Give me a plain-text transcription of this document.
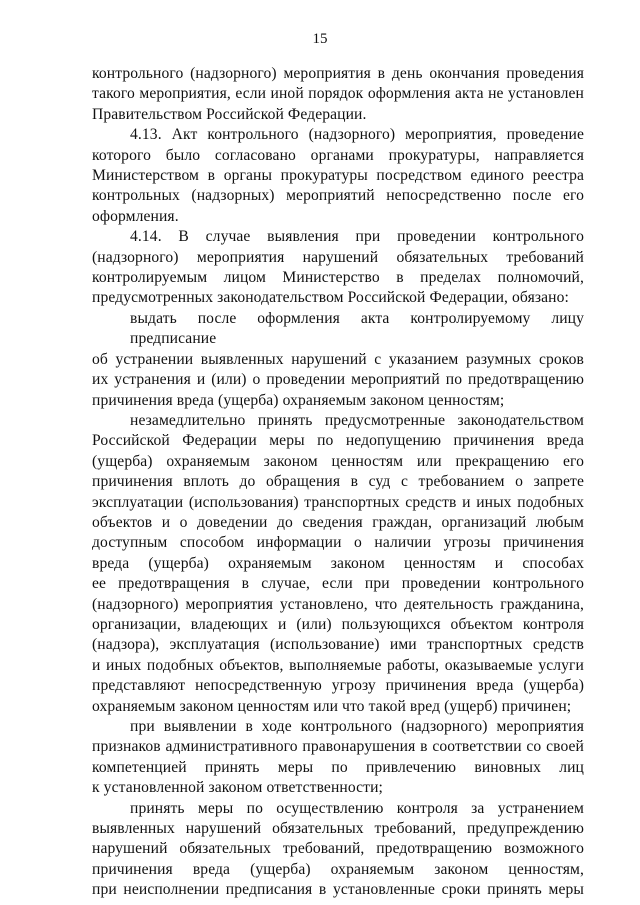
15
контрольного (надзорного) мероприятия в день окончания проведения
такого мероприятия, если иной порядок оформления акта не установлен
Правительством Российской Федерации.
4.13. Акт контрольного (надзорного) мероприятия, проведение
которого было согласовано органами прокуратуры, направляется
Министерством в органы прокуратуры посредством единого реестра
контрольных (надзорных) мероприятий непосредственно после его
оформления.
4.14. В случае выявления при проведении контрольного
(надзорного) мероприятия нарушений обязательных требований
контролируемым лицом Министерство в пределах полномочий,
предусмотренных законодательством Российской Федерации, обязано:
выдать после оформления акта контролируемому лицу предписание
об устранении выявленных нарушений с указанием разумных сроков
их устранения и (или) о проведении мероприятий по предотвращению
причинения вреда (ущерба) охраняемым законом ценностям;
незамедлительно принять предусмотренные законодательством
Российской Федерации меры по недопущению причинения вреда
(ущерба) охраняемым законом ценностям или прекращению его
причинения вплоть до обращения в суд с требованием о запрете
эксплуатации (использования) транспортных средств и иных подобных
объектов и о доведении до сведения граждан, организаций любым
доступным способом информации о наличии угрозы причинения
вреда (ущерба) охраняемым законом ценностям и способах
ее предотвращения в случае, если при проведении контрольного
(надзорного) мероприятия установлено, что деятельность гражданина,
организации, владеющих и (или) пользующихся объектом контроля
(надзора), эксплуатация (использование) ими транспортных средств
и иных подобных объектов, выполняемые работы, оказываемые услуги
представляют непосредственную угрозу причинения вреда (ущерба)
охраняемым законом ценностям или что такой вред (ущерб) причинен;
при выявлении в ходе контрольного (надзорного) мероприятия
признаков административного правонарушения в соответствии со своей
компетенцией принять меры по привлечению виновных лиц
к установленной законом ответственности;
принять меры по осуществлению контроля за устранением
выявленных нарушений обязательных требований, предупреждению
нарушений обязательных требований, предотвращению возможного
причинения вреда (ущерба) охраняемым законом ценностям,
при неисполнении предписания в установленные сроки принять меры
